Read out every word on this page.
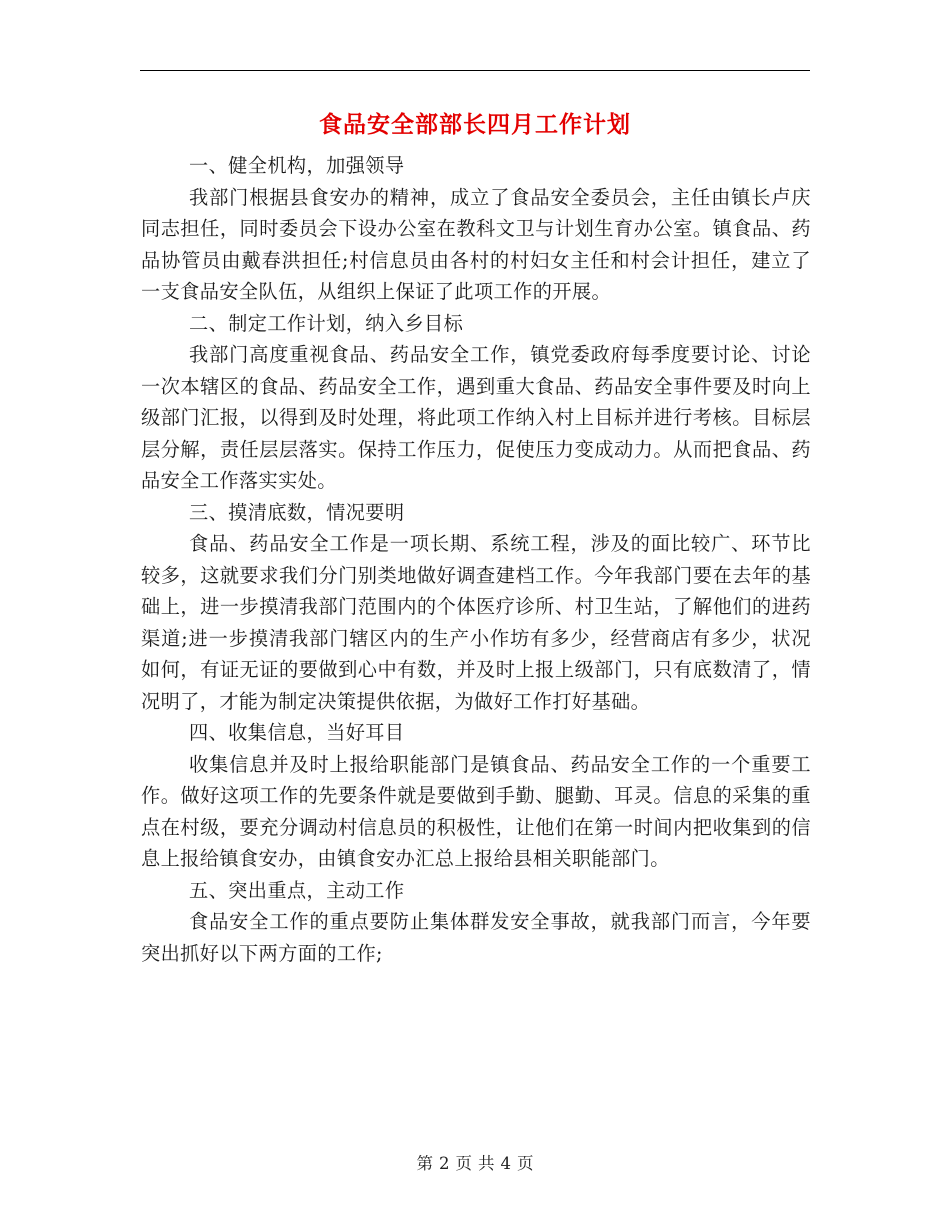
食品安全部部长四月工作计划

一、健全机构，加强领导

我部门根据县食安办的精神，成立了食品安全委员会，主任由镇长卢庆同志担任，同时委员会下设办公室在教科文卫与计划生育办公室。镇食品、药品协管员由戴春洪担任;村信息员由各村的村妇女主任和村会计担任，建立了一支食品安全队伍，从组织上保证了此项工作的开展。

二、制定工作计划，纳入乡目标

我部门高度重视食品、药品安全工作，镇党委政府每季度要讨论、讨论一次本辖区的食品、药品安全工作，遇到重大食品、药品安全事件要及时向上级部门汇报，以得到及时处理，将此项工作纳入村上目标并进行考核。目标层层分解，责任层层落实。保持工作压力，促使压力变成动力。从而把食品、药品安全工作落实实处。

三、摸清底数，情况要明

食品、药品安全工作是一项长期、系统工程，涉及的面比较广、环节比较多，这就要求我们分门别类地做好调查建档工作。今年我部门要在去年的基础上，进一步摸清我部门范围内的个体医疗诊所、村卫生站，了解他们的进药渠道;进一步摸清我部门辖区内的生产小作坊有多少，经营商店有多少，状况如何，有证无证的要做到心中有数，并及时上报上级部门，只有底数清了，情况明了，才能为制定决策提供依据，为做好工作打好基础。

四、收集信息，当好耳目

收集信息并及时上报给职能部门是镇食品、药品安全工作的一个重要工作。做好这项工作的先要条件就是要做到手勤、腿勤、耳灵。信息的采集的重点在村级，要充分调动村信息员的积极性，让他们在第一时间内把收集到的信息上报给镇食安办，由镇食安办汇总上报给县相关职能部门。

五、突出重点，主动工作

食品安全工作的重点要防止集体群发安全事故，就我部门而言，今年要突出抓好以下两方面的工作;

第 2 页 共 4 页
